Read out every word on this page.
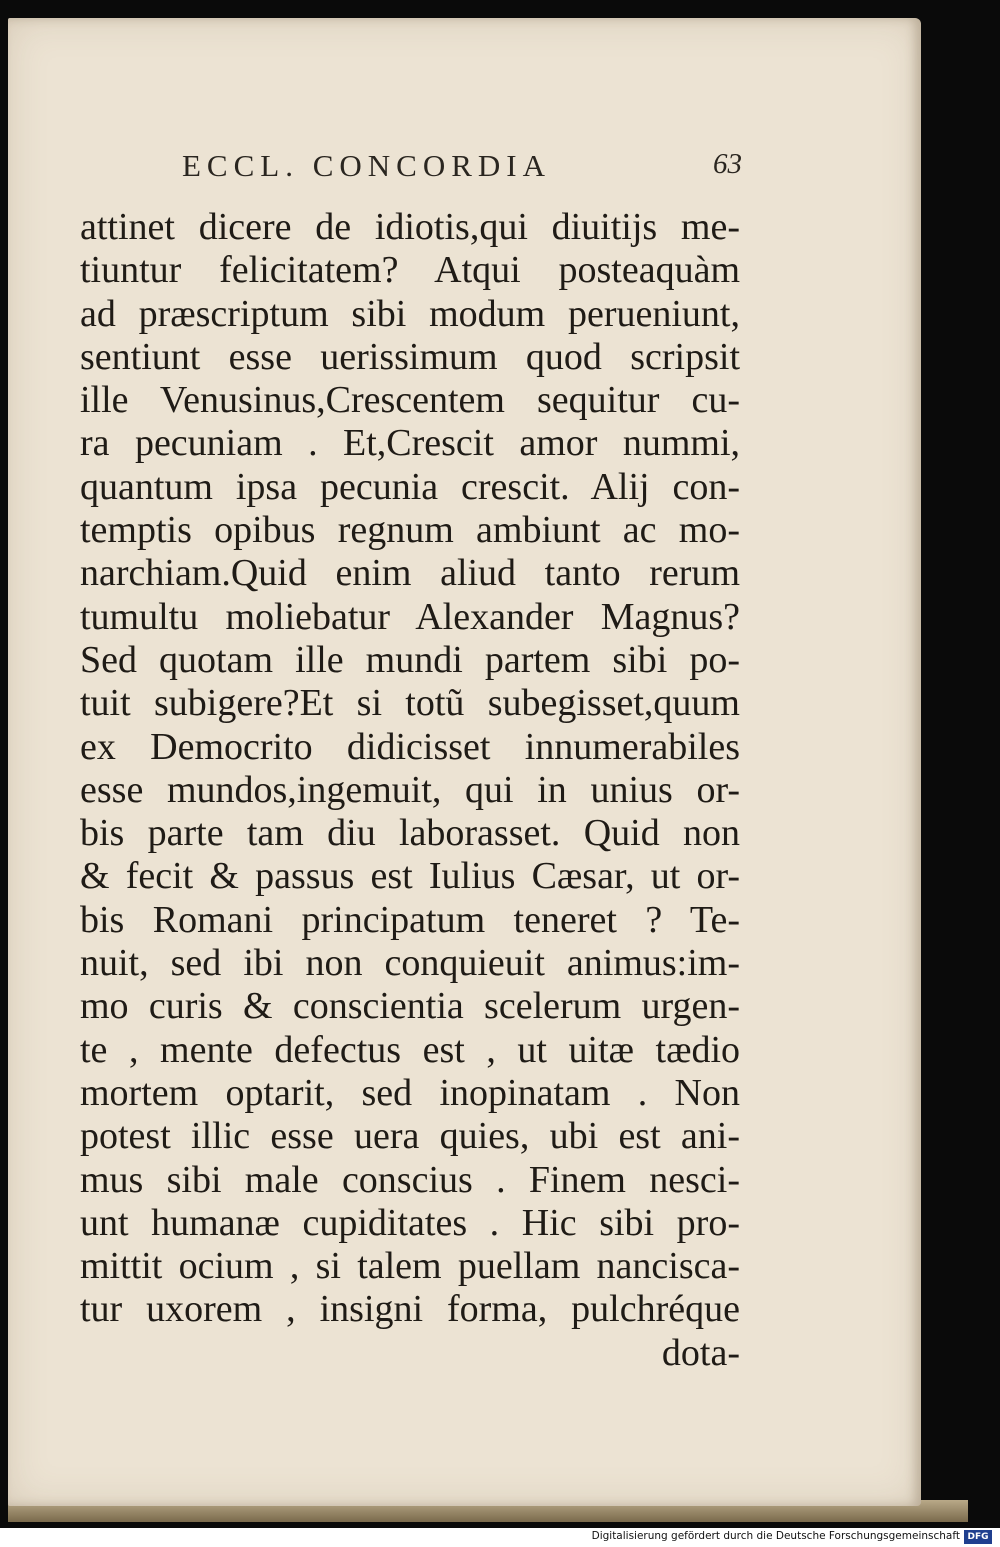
ECCL. CONCORDIA	63
attinet dicere de idiotis,qui diuitijs me-
tiuntur felicitatem? Atqui posteaquàm
ad præscriptum sibi modum perueniunt,
sentiunt esse uerissimum quod scripsit
ille Venusinus,Crescentem sequitur cu-
ra pecuniam . Et,Crescit amor nummi,
quantum ipsa pecunia crescit. Alij con-
temptis opibus regnum ambiunt ac mo-
narchiam.Quid enim aliud tanto rerum
tumultu moliebatur Alexander Magnus?
Sed quotam ille mundi partem sibi po-
tuit subigere?Et si totũ subegisset,quum
ex Democrito didicisset innumerabiles
esse mundos,ingemuit, qui in unius or-
bis parte tam diu laborasset. Quid non
& fecit & passus est Iulius Cæsar, ut or-
bis Romani principatum teneret ? Te-
nuit, sed ibi non conquieuit animus:im-
mo curis & conscientia scelerum urgen-
te , mente defectus est , ut uitæ tædio
mortem optarit, sed inopinatam . Non
potest illic esse uera quies, ubi est ani-
mus sibi male conscius . Finem nesci-
unt humanæ cupiditates . Hic sibi pro-
mittit ocium , si talem puellam nancisca-
tur uxorem , insigni forma, pulchréque
dota-
Digitalisierung gefördert durch die Deutsche Forschungsgemeinschaft DFG
